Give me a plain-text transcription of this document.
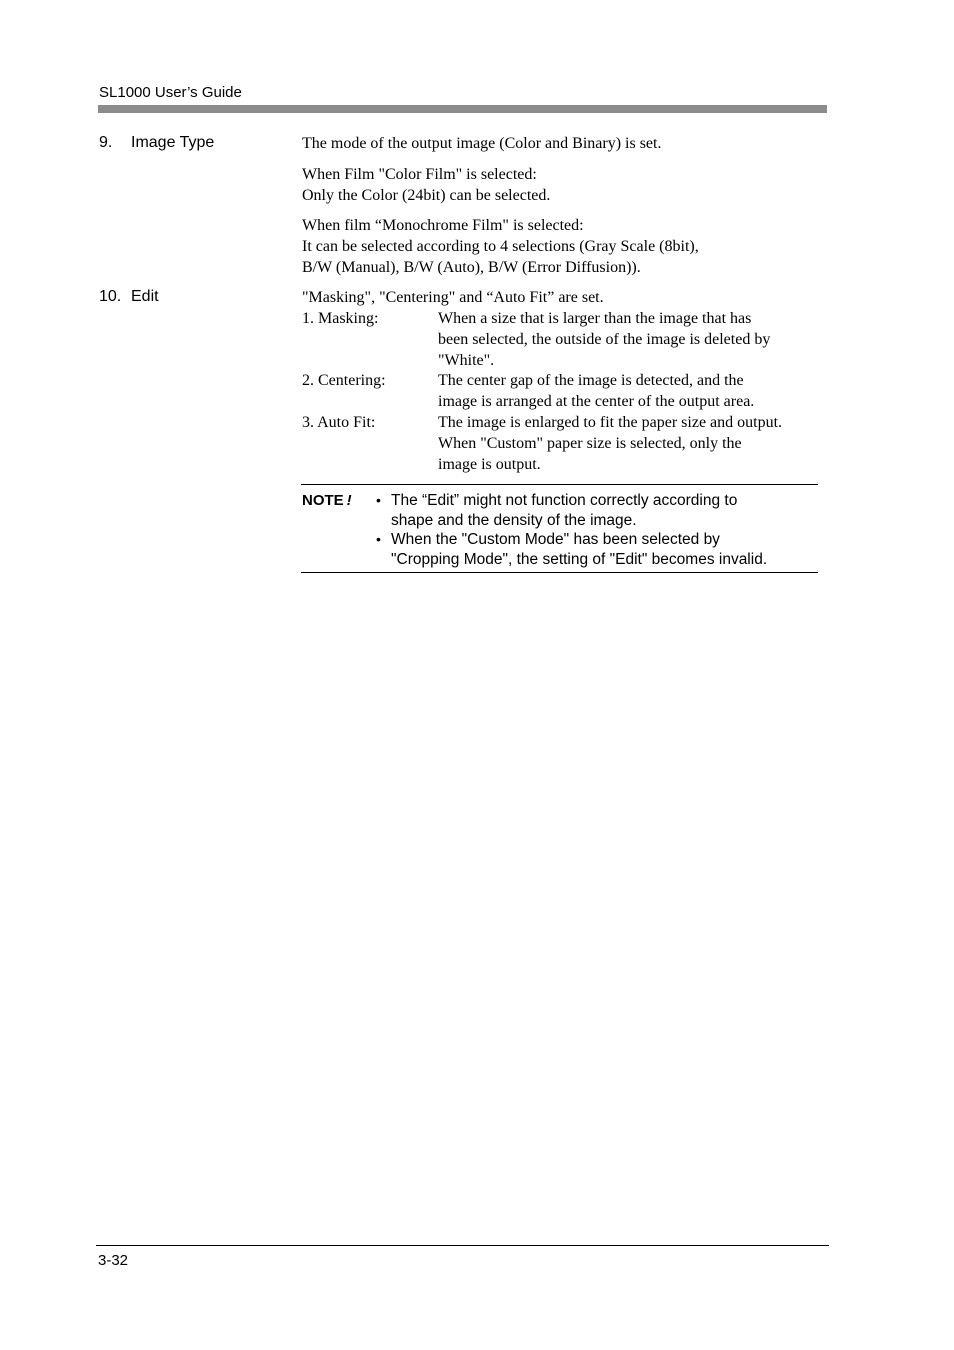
SL1000 User’s Guide
9. Image Type	The mode of the output image (Color and Binary) is set.

When Film "Color Film" is selected:

Only the Color (24bit) can be selected.

When film “Monochrome Film" is selected:

It can be selected according to 4 selections (Gray Scale (8bit),

B/W (Manual), B/W (Auto), B/W (Error Diffusion)).

10. Edit	"Masking", "Centering" and “Auto Fit” are set.

1. Masking:	When a size that is larger than the image that has

been selected, the outside of the image is deleted by

"White".

2. Centering:	The center gap of the image is detected, and the

image is arranged at the center of the output area.

3. Auto Fit:	The image is enlarged to fit the paper size and output.

When "Custom" paper size is selected, only the

image is output.

NOTE ! • The “Edit” might not function correctly according to

shape and the density of the image.

• When the "Custom Mode" has been selected by

"Cropping Mode", the setting of "Edit" becomes invalid.

3-32
